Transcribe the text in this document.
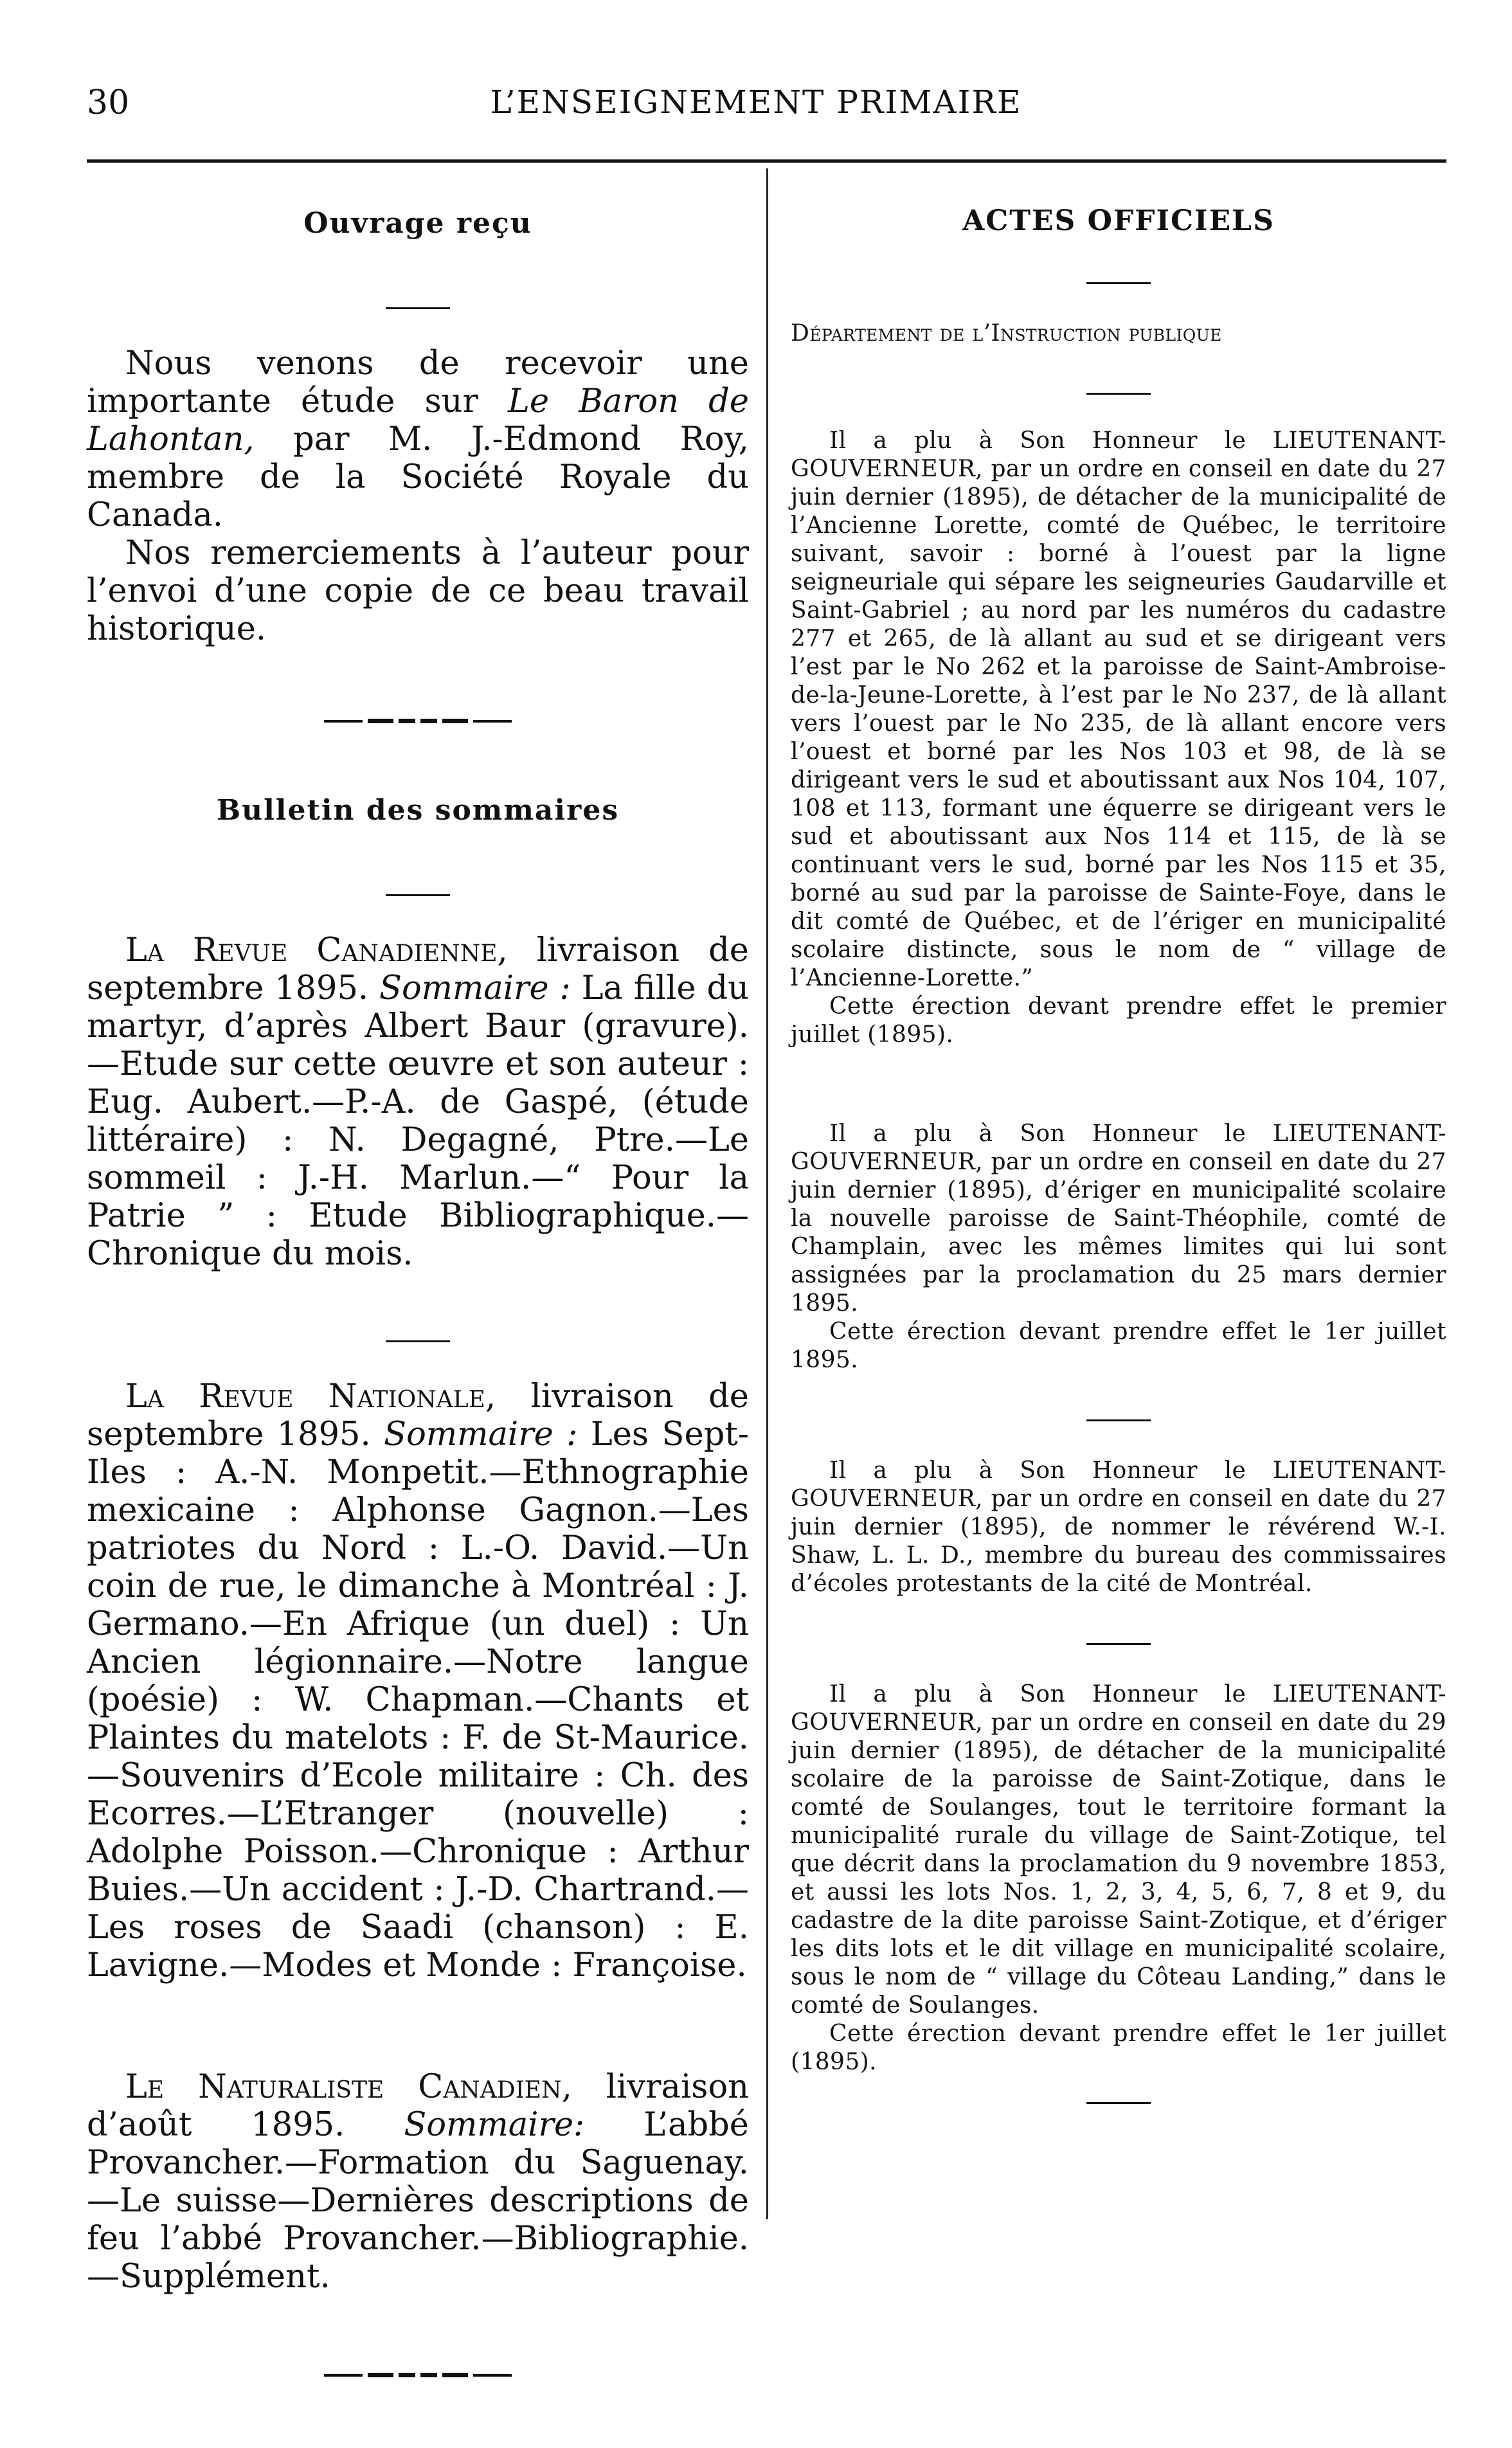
30	L’ENSEIGNEMENT PRIMAIRE
Ouvrage reçu

Nous venons de recevoir une importante étude sur Le Baron de Lahontan, par M. J.-Edmond Roy, membre de la Société Royale du Canada.

Nos remerciements à l’auteur pour l’envoi d’une copie de ce beau travail historique.

Bulletin des sommaires

La Revue Canadienne, livraison de septembre 1895. Sommaire : La fille du martyr, d’après Albert Baur (gravure).—Etude sur cette œuvre et son auteur : Eug. Aubert.—P.-A. de Gaspé, (étude littéraire) : N. Degagné, Ptre.—Le sommeil : J.-H. Marlun.—“ Pour la Patrie ” : Etude Bibliographique.—Chronique du mois.

La Revue Nationale, livraison de septembre 1895. Sommaire : Les Sept-Iles : A.-N. Monpetit.—Ethnographie mexicaine : Alphonse Gagnon.—Les patriotes du Nord : L.-O. David.—Un coin de rue, le dimanche à Montréal : J. Germano.—En Afrique (un duel) : Un Ancien légionnaire.—Notre langue (poésie) : W. Chapman.—Chants et Plaintes du matelots : F. de St-Maurice.—Souvenirs d’Ecole militaire : Ch. des Ecorres.—L’Etranger (nouvelle) : Adolphe Poisson.—Chronique : Arthur Buies.—Un accident : J.-D. Chartrand.—Les roses de Saadi (chanson) : E. Lavigne.—Modes et Monde : Françoise.

Le Naturaliste Canadien, livraison d’août 1895. Sommaire: L’abbé Provancher.—Formation du Saguenay.—Le suisse—Dernières descriptions de feu l’abbé Provancher.—Bibliographie.—Supplément.

ACTES OFFICIELS

Département de l’Instruction publique

Il a plu à Son Honneur le LIEUTENANT-GOUVERNEUR, par un ordre en conseil en date du 27 juin dernier (1895), de détacher de la municipalité de l’Ancienne Lorette, comté de Québec, le territoire suivant, savoir : borné à l’ouest par la ligne seigneuriale qui sépare les seigneuries Gaudarville et Saint-Gabriel ; au nord par les numéros du cadastre 277 et 265, de là allant au sud et se dirigeant vers l’est par le No 262 et la paroisse de Saint-Ambroise-de-la-Jeune-Lorette, à l’est par le No 237, de là allant vers l’ouest par le No 235, de là allant encore vers l’ouest et borné par les Nos 103 et 98, de là se dirigeant vers le sud et aboutissant aux Nos 104, 107, 108 et 113, formant une équerre se dirigeant vers le sud et aboutissant aux Nos 114 et 115, de là se continuant vers le sud, borné par les Nos 115 et 35, borné au sud par la paroisse de Sainte-Foye, dans le dit comté de Québec, et de l’ériger en municipalité scolaire distincte, sous le nom de “ village de l’Ancienne-Lorette.”

Cette érection devant prendre effet le premier juillet (1895).

Il a plu à Son Honneur le LIEUTENANT-GOUVERNEUR, par un ordre en conseil en date du 27 juin dernier (1895), d’ériger en municipalité scolaire la nouvelle paroisse de Saint-Théophile, comté de Champlain, avec les mêmes limites qui lui sont assignées par la proclamation du 25 mars dernier 1895.

Cette érection devant prendre effet le 1er juillet 1895.

Il a plu à Son Honneur le LIEUTENANT-GOUVERNEUR, par un ordre en conseil en date du 27 juin dernier (1895), de nommer le révérend W.-I. Shaw, L. L. D., membre du bureau des commissaires d’écoles protestants de la cité de Montréal.

Il a plu à Son Honneur le LIEUTENANT-GOUVERNEUR, par un ordre en conseil en date du 29 juin dernier (1895), de détacher de la municipalité scolaire de la paroisse de Saint-Zotique, dans le comté de Soulanges, tout le territoire formant la municipalité rurale du village de Saint-Zotique, tel que décrit dans la proclamation du 9 novembre 1853, et aussi les lots Nos. 1, 2, 3, 4, 5, 6, 7, 8 et 9, du cadastre de la dite paroisse Saint-Zotique, et d’ériger les dits lots et le dit village en municipalité scolaire, sous le nom de “ village du Côteau Landing,” dans le comté de Soulanges.

Cette érection devant prendre effet le 1er juillet (1895).
